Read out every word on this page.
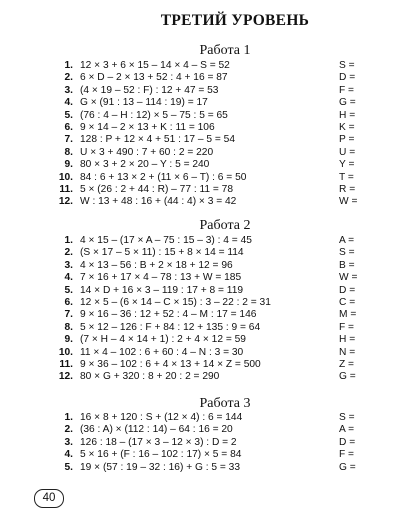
ТРЕТИЙ УРОВЕНЬ
Работа 1
1. 12 × 3 + 6 × 15 – 14 × 4 – S = 52	S =
2. 6 × D – 2 × 13 + 52 : 4 + 16 = 87	D =
3. (4 × 19 – 52 : F) : 12 + 47 = 53	F =
4. G × (91 : 13 – 114 : 19) = 17	G =
5. (76 : 4 – H : 12) × 5 – 75 : 5 = 65	H =
6. 9 × 14 – 2 × 13 + K : 11 = 106	K =
7. 128 : P + 12 × 4 + 51 : 17 – 5 = 54	P =
8. U × 3 + 490 : 7 + 60 : 2 = 220	U =
9. 80 × 3 + 2 × 20 – Y : 5 = 240	Y =
10. 84 : 6 + 13 × 2 + (11 × 6 – T) : 6 = 50	T =
11. 5 × (26 : 2 + 44 : R) – 77 : 11 = 78	R =
12. W : 13 + 48 : 16 + (44 : 4) × 3 = 42	W =
Работа 2
1. 4 × 15 – (17 × A – 75 : 15 – 3) : 4 = 45	A =
2. (S × 17 – 5 × 11) : 15 + 8 × 14 = 114	S =
3. 4 × 13 – 56 : B + 2 × 18 + 12 = 96	B =
4. 7 × 16 + 17 × 4 – 78 : 13 + W = 185	W =
5. 14 × D + 16 × 3 – 119 : 17 + 8 = 119	D =
6. 12 × 5 – (6 × 14 – C × 15) : 3 – 22 : 2 = 31	C =
7. 9 × 16 – 36 : 12 + 52 : 4 – M : 17 = 146	M =
8. 5 × 12 – 126 : F + 84 : 12 + 135 : 9 = 64	F =
9. (7 × H – 4 × 14 + 1) : 2 + 4 × 12 = 59	H =
10. 11 × 4 – 102 : 6 + 60 : 4 – N : 3 = 30	N =
11. 9 × 36 – 102 : 6 + 4 × 13 + 14 × Z = 500	Z =
12. 80 × G + 320 : 8 + 20 : 2 = 290	G =
Работа 3
1. 16 × 8 + 120 : S + (12 × 4) : 6 = 144	S =
2. (36 : A) × (112 : 14) – 64 : 16 = 20	A =
3. 126 : 18 – (17 × 3 – 12 × 3) : D = 2	D =
4. 5 × 16 + (F : 16 – 102 : 17) × 5 = 84	F =
5. 19 × (57 : 19 – 32 : 16) + G : 5 = 33	G =
40
